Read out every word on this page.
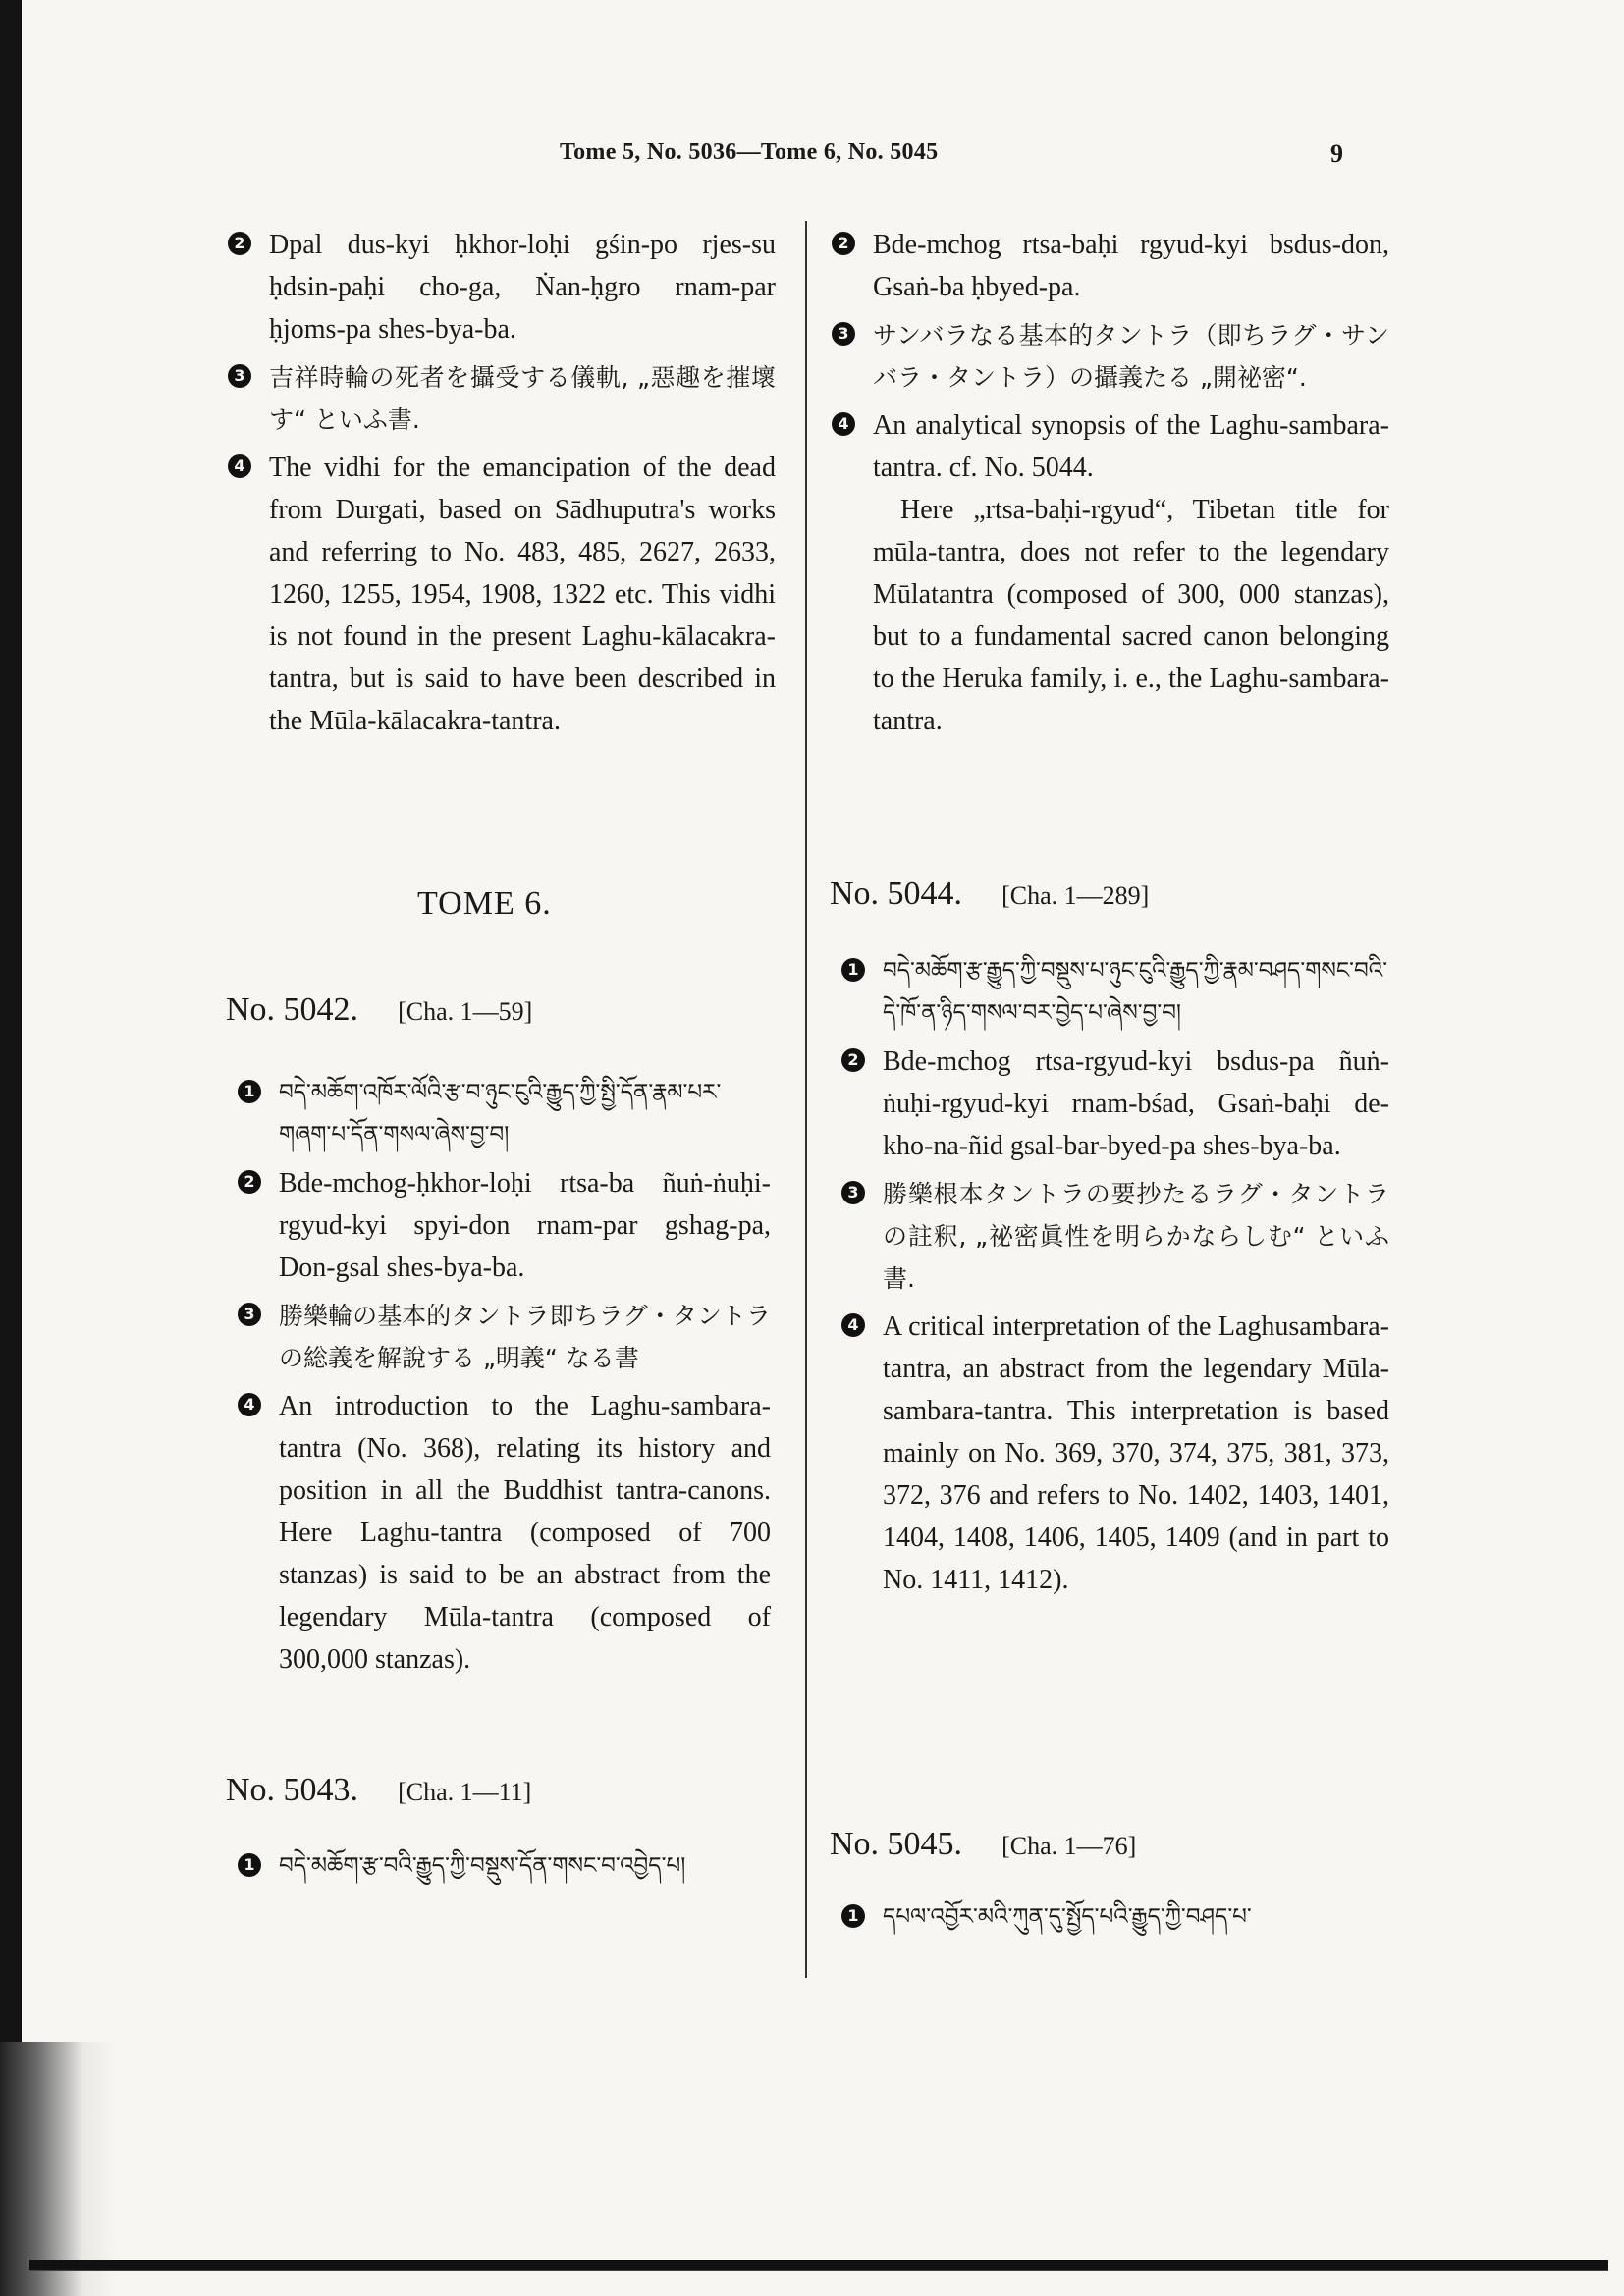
Tome 5, No. 5036—Tome 6, No. 5045	9
2 Dpal dus-kyi ḥkhor-loḥi gśin-po rjes-su ḥdsin-paḥi cho-ga, Ṅan-ḥgro rnam-par ḥjoms-pa shes-bya-ba.
3 吉祥時輪の死者を攝受する儀軌, „惡趣を摧壞す“ といふ書.
4 The vidhi for the emancipation of the dead from Durgati, based on Sādhuputra's works and referring to No. 483, 485, 2627, 2633, 1260, 1255, 1954, 1908, 1322 etc. This vidhi is not found in the present Laghu-kālacakra-tantra, but is said to have been described in the Mūla-kālacakra-tantra.
TOME 6.
No. 5042. [Cha. 1—59]
1 བདེ་མཆོག་འཁོར་ལོའི་རྩ་བ་ཉུང་ངུའི་རྒྱུད་ཀྱི་སྤྱི་དོན་རྣམ་པར་གཞག་པ་དོན་གསལ་ཞེས་བྱ་བ།
2 Bde-mchog-ḥkhor-loḥi rtsa-ba ñuṅ-ṅuḥi-rgyud-kyi spyi-don rnam-par gshag-pa, Don-gsal shes-bya-ba.
3 勝樂輪の基本的タントラ即ちラグ・タントラの総義を解說する „明義“ なる書
4 An introduction to the Laghu-sambara-tantra (No. 368), relating its history and position in all the Buddhist tantra-canons. Here Laghu-tantra (composed of 700 stanzas) is said to be an abstract from the legendary Mūla-tantra (composed of 300,000 stanzas).
No. 5043. [Cha. 1—11]
1 བདེ་མཆོག་རྩ་བའི་རྒྱུད་ཀྱི་བསྡུས་དོན་གསང་བ་འབྱེད་པ།
2 Bde-mchog rtsa-baḥi rgyud-kyi bsdus-don, Gsaṅ-ba ḥbyed-pa.
3 サンバラなる基本的タントラ（即ちラグ・サンバラ・タントラ）の攝義たる „開祕密“.
4 An analytical synopsis of the Laghu-sambara-tantra. cf. No. 5044.
Here „rtsa-baḥi-rgyud“, Tibetan title for mūla-tantra, does not refer to the legendary Mūlatantra (composed of 300, 000 stanzas), but to a fundamental sacred canon belonging to the Heruka family, i. e., the Laghu-sambara-tantra.
No. 5044. [Cha. 1—289]
1 བདེ་མཆོག་རྩ་རྒྱུད་ཀྱི་བསྡུས་པ་ཉུང་ངུའི་རྒྱུད་ཀྱི་རྣམ་བཤད་གསང་བའི་དེ་ཁོ་ན་ཉིད་གསལ་བར་བྱེད་པ་ཞེས་བྱ་བ།
2 Bde-mchog rtsa-rgyud-kyi bsdus-pa ñuṅ-ṅuḥi-rgyud-kyi rnam-bśad, Gsaṅ-baḥi de-kho-na-ñid gsal-bar-byed-pa shes-bya-ba.
3 勝樂根本タントラの要抄たるラグ・タントラの註釈, „祕密眞性を明らかならしむ“ といふ書.
4 A critical interpretation of the Laghusambara-tantra, an abstract from the legendary Mūla-sambara-tantra. This interpretation is based mainly on No. 369, 370, 374, 375, 381, 373, 372, 376 and refers to No. 1402, 1403, 1401, 1404, 1408, 1406, 1405, 1409 (and in part to No. 1411, 1412).
No. 5045. [Cha. 1—76]
1 དཔལ་འབྱོར་མའི་ཀུན་དུ་སྤྱོད་པའི་རྒྱུད་ཀྱི་བཤད་པ་
